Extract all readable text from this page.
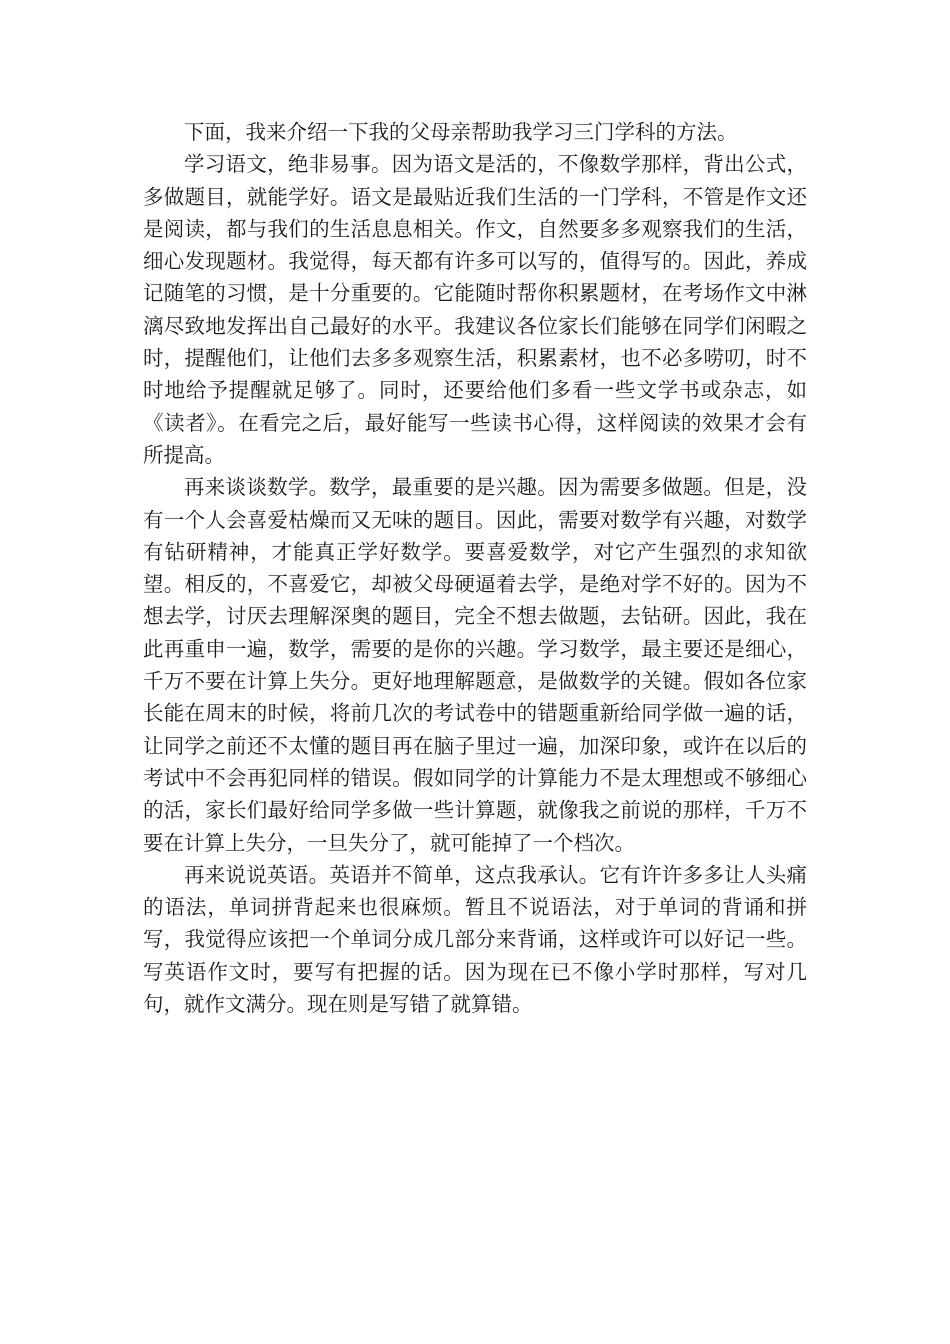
下面，我来介绍一下我的父母亲帮助我学习三门学科的方法。

学习语文，绝非易事。因为语文是活的，不像数学那样，背出公式，多做题目，就能学好。语文是最贴近我们生活的一门学科，不管是作文还是阅读，都与我们的生活息息相关。作文，自然要多多观察我们的生活，细心发现题材。我觉得，每天都有许多可以写的，值得写的。因此，养成记随笔的习惯，是十分重要的。它能随时帮你积累题材，在考场作文中淋漓尽致地发挥出自己最好的水平。我建议各位家长们能够在同学们闲暇之时，提醒他们，让他们去多多观察生活，积累素材，也不必多唠叨，时不时地给予提醒就足够了。同时，还要给他们多看一些文学书或杂志，如《读者》。在看完之后，最好能写一些读书心得，这样阅读的效果才会有所提高。

再来谈谈数学。数学，最重要的是兴趣。因为需要多做题。但是，没有一个人会喜爱枯燥而又无味的题目。因此，需要对数学有兴趣，对数学有钻研精神，才能真正学好数学。要喜爱数学，对它产生强烈的求知欲望。相反的，不喜爱它，却被父母硬逼着去学，是绝对学不好的。因为不想去学，讨厌去理解深奥的题目，完全不想去做题，去钻研。因此，我在此再重申一遍，数学，需要的是你的兴趣。学习数学，最主要还是细心，千万不要在计算上失分。更好地理解题意，是做数学的关键。假如各位家长能在周末的时候，将前几次的考试卷中的错题重新给同学做一遍的话，让同学之前还不太懂的题目再在脑子里过一遍，加深印象，或许在以后的考试中不会再犯同样的错误。假如同学的计算能力不是太理想或不够细心的活，家长们最好给同学多做一些计算题，就像我之前说的那样，千万不要在计算上失分，一旦失分了，就可能掉了一个档次。

再来说说英语。英语并不简单，这点我承认。它有许许多多让人头痛的语法，单词拼背起来也很麻烦。暂且不说语法，对于单词的背诵和拼写，我觉得应该把一个单词分成几部分来背诵，这样或许可以好记一些。写英语作文时，要写有把握的话。因为现在已不像小学时那样，写对几句，就作文满分。现在则是写错了就算错。
